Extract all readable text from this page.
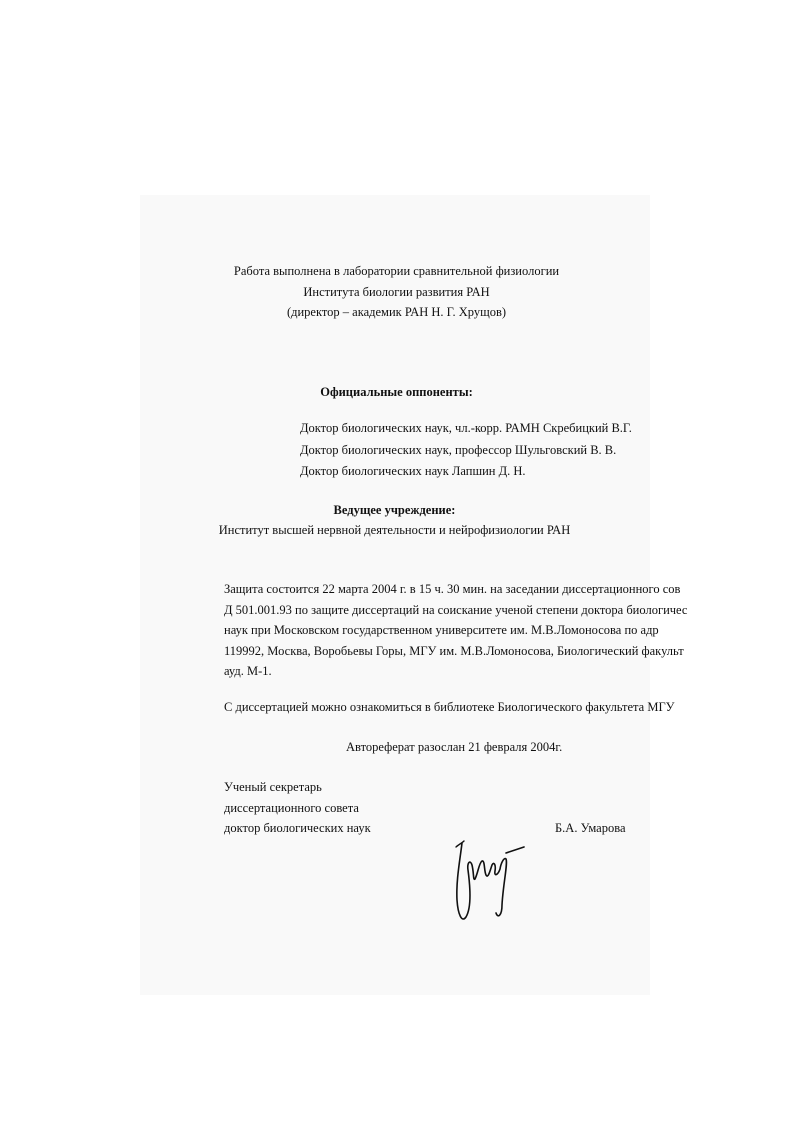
Работа выполнена в лаборатории сравнительной физиологии
Института биологии развития РАН
(директор – академик РАН Н. Г. Хрущов)
Официальные оппоненты:
Доктор биологических наук, чл.-корр. РАМН Скребицкий В.Г.
Доктор биологических наук, профессор Шульговский В. В.
Доктор биологических наук Лапшин Д. Н.
Ведущее учреждение:
Институт высшей нервной деятельности и нейрофизиологии РАН
Защита состоится 22 марта 2004 г. в 15 ч. 30 мин. на заседании диссертационного сов
Д 501.001.93 по защите диссертаций на соискание ученой степени доктора биологичес
наук при Московском государственном университете им. М.В.Ломоносова по адр
119992, Москва, Воробьевы Горы, МГУ им. М.В.Ломоносова, Биологический факульт
ауд. М-1.
С диссертацией можно ознакомиться в библиотеке Биологического факультета МГУ
Автореферат разослан 21 февраля 2004г.
Ученый секретарь
диссертационного совета
доктор биологических наук	Б.А. Умарова
